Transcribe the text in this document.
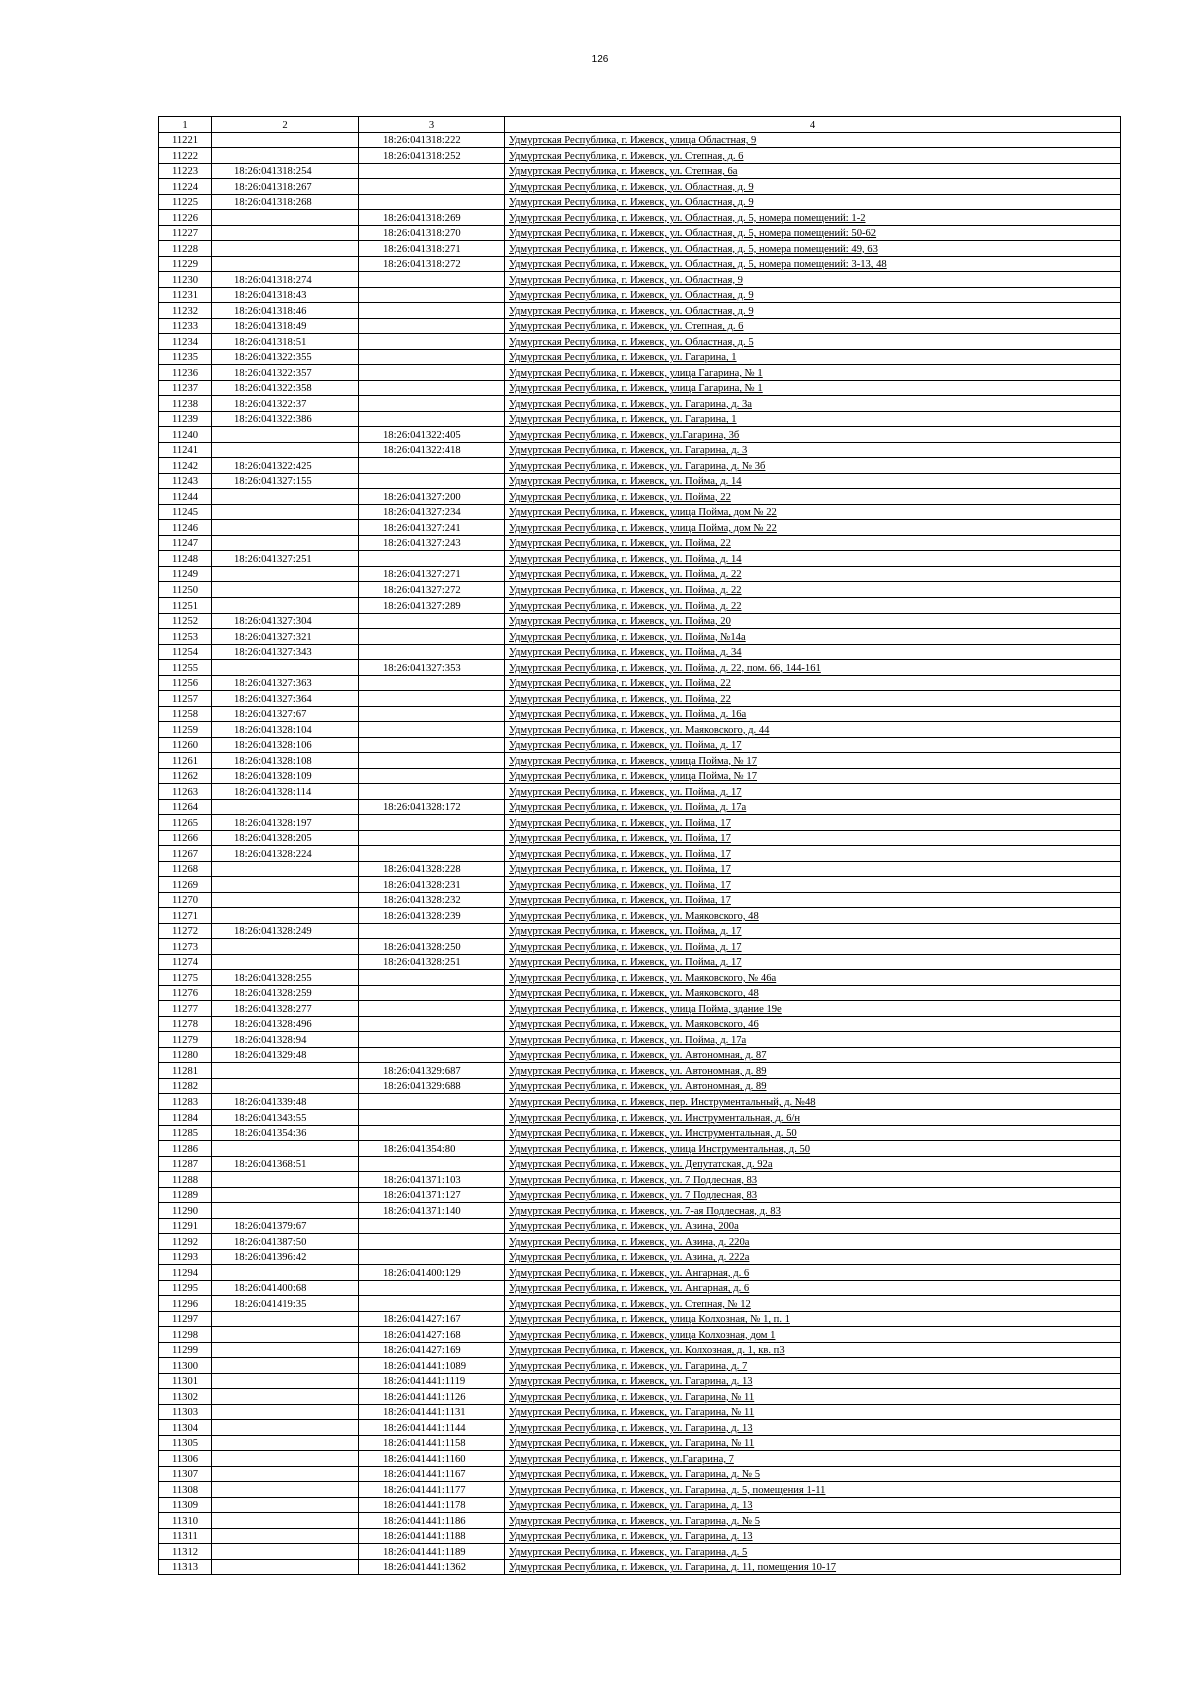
126
1	2	3	4
11221		18:26:041318:222	Удмуртская Республика, г. Ижевск, улица Областная, 9
11222		18:26:041318:252	Удмуртская Республика, г. Ижевск, ул. Степная, д. 6
11223	18:26:041318:254		Удмуртская Республика, г. Ижевск, ул. Степная, 6а
11224	18:26:041318:267		Удмуртская Республика, г. Ижевск, ул. Областная, д. 9
11225	18:26:041318:268		Удмуртская Республика, г. Ижевск, ул. Областная, д. 9
11226		18:26:041318:269	Удмуртская Республика, г. Ижевск, ул. Областная, д. 5, номера помещений: 1-2
11227		18:26:041318:270	Удмуртская Республика, г. Ижевск, ул. Областная, д. 5, номера помещений: 50-62
11228		18:26:041318:271	Удмуртская Республика, г. Ижевск, ул. Областная, д. 5, номера помещений: 49, 63
11229		18:26:041318:272	Удмуртская Республика, г. Ижевск, ул. Областная, д. 5, номера помещений: 3-13, 48
11230	18:26:041318:274		Удмуртская Республика, г. Ижевск, ул. Областная, 9
11231	18:26:041318:43		Удмуртская Республика, г. Ижевск, ул. Областная, д. 9
11232	18:26:041318:46		Удмуртская Республика, г. Ижевск, ул. Областная, д. 9
11233	18:26:041318:49		Удмуртская Республика, г. Ижевск, ул. Степная, д. 6
11234	18:26:041318:51		Удмуртская Республика, г. Ижевск, ул. Областная, д. 5
11235	18:26:041322:355		Удмуртская Республика, г. Ижевск, ул. Гагарина, 1
11236	18:26:041322:357		Удмуртская Республика, г. Ижевск, улица Гагарина, № 1
11237	18:26:041322:358		Удмуртская Республика, г. Ижевск, улица Гагарина, № 1
11238	18:26:041322:37		Удмуртская Республика, г. Ижевск, ул. Гагарина, д. 3а
11239	18:26:041322:386		Удмуртская Республика, г. Ижевск, ул. Гагарина, 1
11240		18:26:041322:405	Удмуртская Республика, г. Ижевск, ул.Гагарина, 3б
11241		18:26:041322:418	Удмуртская Республика, г. Ижевск, ул. Гагарина, д. 3
11242	18:26:041322:425		Удмуртская Республика, г. Ижевск, ул. Гагарина, д. № 3б
11243	18:26:041327:155		Удмуртская Республика, г. Ижевск, ул. Пойма, д. 14
11244		18:26:041327:200	Удмуртская Республика, г. Ижевск, ул. Пойма, 22
11245		18:26:041327:234	Удмуртская Республика, г. Ижевск, улица Пойма, дом № 22
11246		18:26:041327:241	Удмуртская Республика, г. Ижевск, улица Пойма, дом № 22
11247		18:26:041327:243	Удмуртская Республика, г. Ижевск, ул. Пойма, 22
11248	18:26:041327:251		Удмуртская Республика, г. Ижевск, ул. Пойма, д. 14
11249		18:26:041327:271	Удмуртская Республика, г. Ижевск, ул. Пойма, д. 22
11250		18:26:041327:272	Удмуртская Республика, г. Ижевск, ул. Пойма, д. 22
11251		18:26:041327:289	Удмуртская Республика, г. Ижевск, ул. Пойма, д. 22
11252	18:26:041327:304		Удмуртская Республика, г. Ижевск, ул. Пойма, 20
11253	18:26:041327:321		Удмуртская Республика, г. Ижевск, ул. Пойма, №14а
11254	18:26:041327:343		Удмуртская Республика, г. Ижевск, ул. Пойма, д. 34
11255		18:26:041327:353	Удмуртская Республика, г. Ижевск, ул. Пойма, д. 22, пом. 66, 144-161
11256	18:26:041327:363		Удмуртская Республика, г. Ижевск, ул. Пойма, 22
11257	18:26:041327:364		Удмуртская Республика, г. Ижевск, ул. Пойма, 22
11258	18:26:041327:67		Удмуртская Республика, г. Ижевск, ул. Пойма, д. 16а
11259	18:26:041328:104		Удмуртская Республика, г. Ижевск, ул. Маяковского, д. 44
11260	18:26:041328:106		Удмуртская Республика, г. Ижевск, ул. Пойма, д. 17
11261	18:26:041328:108		Удмуртская Республика, г. Ижевск, улица Пойма, № 17
11262	18:26:041328:109		Удмуртская Республика, г. Ижевск, улица Пойма, № 17
11263	18:26:041328:114		Удмуртская Республика, г. Ижевск, ул. Пойма, д. 17
11264		18:26:041328:172	Удмуртская Республика, г. Ижевск, ул. Пойма, д. 17а
11265	18:26:041328:197		Удмуртская Республика, г. Ижевск, ул. Пойма, 17
11266	18:26:041328:205		Удмуртская Республика, г. Ижевск, ул. Пойма, 17
11267	18:26:041328:224		Удмуртская Республика, г. Ижевск, ул. Пойма, 17
11268		18:26:041328:228	Удмуртская Республика, г. Ижевск, ул. Пойма, 17
11269		18:26:041328:231	Удмуртская Республика, г. Ижевск, ул. Пойма, 17
11270		18:26:041328:232	Удмуртская Республика, г. Ижевск, ул. Пойма, 17
11271		18:26:041328:239	Удмуртская Республика, г. Ижевск, ул. Маяковского, 48
11272	18:26:041328:249		Удмуртская Республика, г. Ижевск, ул. Пойма, д. 17
11273		18:26:041328:250	Удмуртская Республика, г. Ижевск, ул. Пойма, д. 17
11274		18:26:041328:251	Удмуртская Республика, г. Ижевск, ул. Пойма, д. 17
11275	18:26:041328:255		Удмуртская Республика, г. Ижевск, ул. Маяковского, № 46а
11276	18:26:041328:259		Удмуртская Республика, г. Ижевск, ул. Маяковского, 48
11277	18:26:041328:277		Удмуртская Республика, г. Ижевск, улица Пойма, здание 19е
11278	18:26:041328:496		Удмуртская Республика, г. Ижевск, ул. Маяковского, 46
11279	18:26:041328:94		Удмуртская Республика, г. Ижевск, ул. Пойма, д. 17а
11280	18:26:041329:48		Удмуртская Республика, г. Ижевск, ул. Автономная, д. 87
11281		18:26:041329:687	Удмуртская Республика, г. Ижевск, ул. Автономная, д. 89
11282		18:26:041329:688	Удмуртская Республика, г. Ижевск, ул. Автономная, д. 89
11283	18:26:041339:48		Удмуртская Республика, г. Ижевск, пер. Инструментальный, д. №48
11284	18:26:041343:55		Удмуртская Республика, г. Ижевск, ул. Инструментальная, д. 6/н
11285	18:26:041354:36		Удмуртская Республика, г. Ижевск, ул. Инструментальная, д. 50
11286		18:26:041354:80	Удмуртская Республика, г. Ижевск, улица Инструментальная, д. 50
11287	18:26:041368:51		Удмуртская Республика, г. Ижевск, ул. Депутатская, д. 92а
11288		18:26:041371:103	Удмуртская Республика, г. Ижевск, ул. 7 Подлесная, 83
11289		18:26:041371:127	Удмуртская Республика, г. Ижевск, ул. 7 Подлесная, 83
11290		18:26:041371:140	Удмуртская Республика, г. Ижевск, ул. 7-ая Подлесная, д. 83
11291	18:26:041379:67		Удмуртская Республика, г. Ижевск, ул. Азина, 200а
11292	18:26:041387:50		Удмуртская Республика, г. Ижевск, ул. Азина, д. 220а
11293	18:26:041396:42		Удмуртская Республика, г. Ижевск, ул. Азина, д. 222а
11294		18:26:041400:129	Удмуртская Республика, г. Ижевск, ул. Ангарная, д. 6
11295	18:26:041400:68		Удмуртская Республика, г. Ижевск, ул. Ангарная, д. 6
11296	18:26:041419:35		Удмуртская Республика, г. Ижевск, ул. Степная, № 12
11297		18:26:041427:167	Удмуртская Республика, г. Ижевск, улица Колхозная, № 1, п. 1
11298		18:26:041427:168	Удмуртская Республика, г. Ижевск, улица Колхозная, дом 1
11299		18:26:041427:169	Удмуртская Республика, г. Ижевск, ул. Колхозная, д. 1, кв. п3
11300		18:26:041441:1089	Удмуртская Республика, г. Ижевск, ул. Гагарина, д. 7
11301		18:26:041441:1119	Удмуртская Республика, г. Ижевск, ул. Гагарина, д. 13
11302		18:26:041441:1126	Удмуртская Республика, г. Ижевск, ул. Гагарина, № 11
11303		18:26:041441:1131	Удмуртская Республика, г. Ижевск, ул. Гагарина, № 11
11304		18:26:041441:1144	Удмуртская Республика, г. Ижевск, ул. Гагарина, д. 13
11305		18:26:041441:1158	Удмуртская Республика, г. Ижевск, ул. Гагарина, № 11
11306		18:26:041441:1160	Удмуртская Республика, г. Ижевск, ул.Гагарина, 7
11307		18:26:041441:1167	Удмуртская Республика, г. Ижевск, ул. Гагарина, д. № 5
11308		18:26:041441:1177	Удмуртская Республика, г. Ижевск, ул. Гагарина, д. 5, помещения 1-11
11309		18:26:041441:1178	Удмуртская Республика, г. Ижевск, ул. Гагарина, д. 13
11310		18:26:041441:1186	Удмуртская Республика, г. Ижевск, ул. Гагарина, д. № 5
11311		18:26:041441:1188	Удмуртская Республика, г. Ижевск, ул. Гагарина, д. 13
11312		18:26:041441:1189	Удмуртская Республика, г. Ижевск, ул. Гагарина, д. 5
11313		18:26:041441:1362	Удмуртская Республика, г. Ижевск, ул. Гагарина, д. 11, помещения 10-17
